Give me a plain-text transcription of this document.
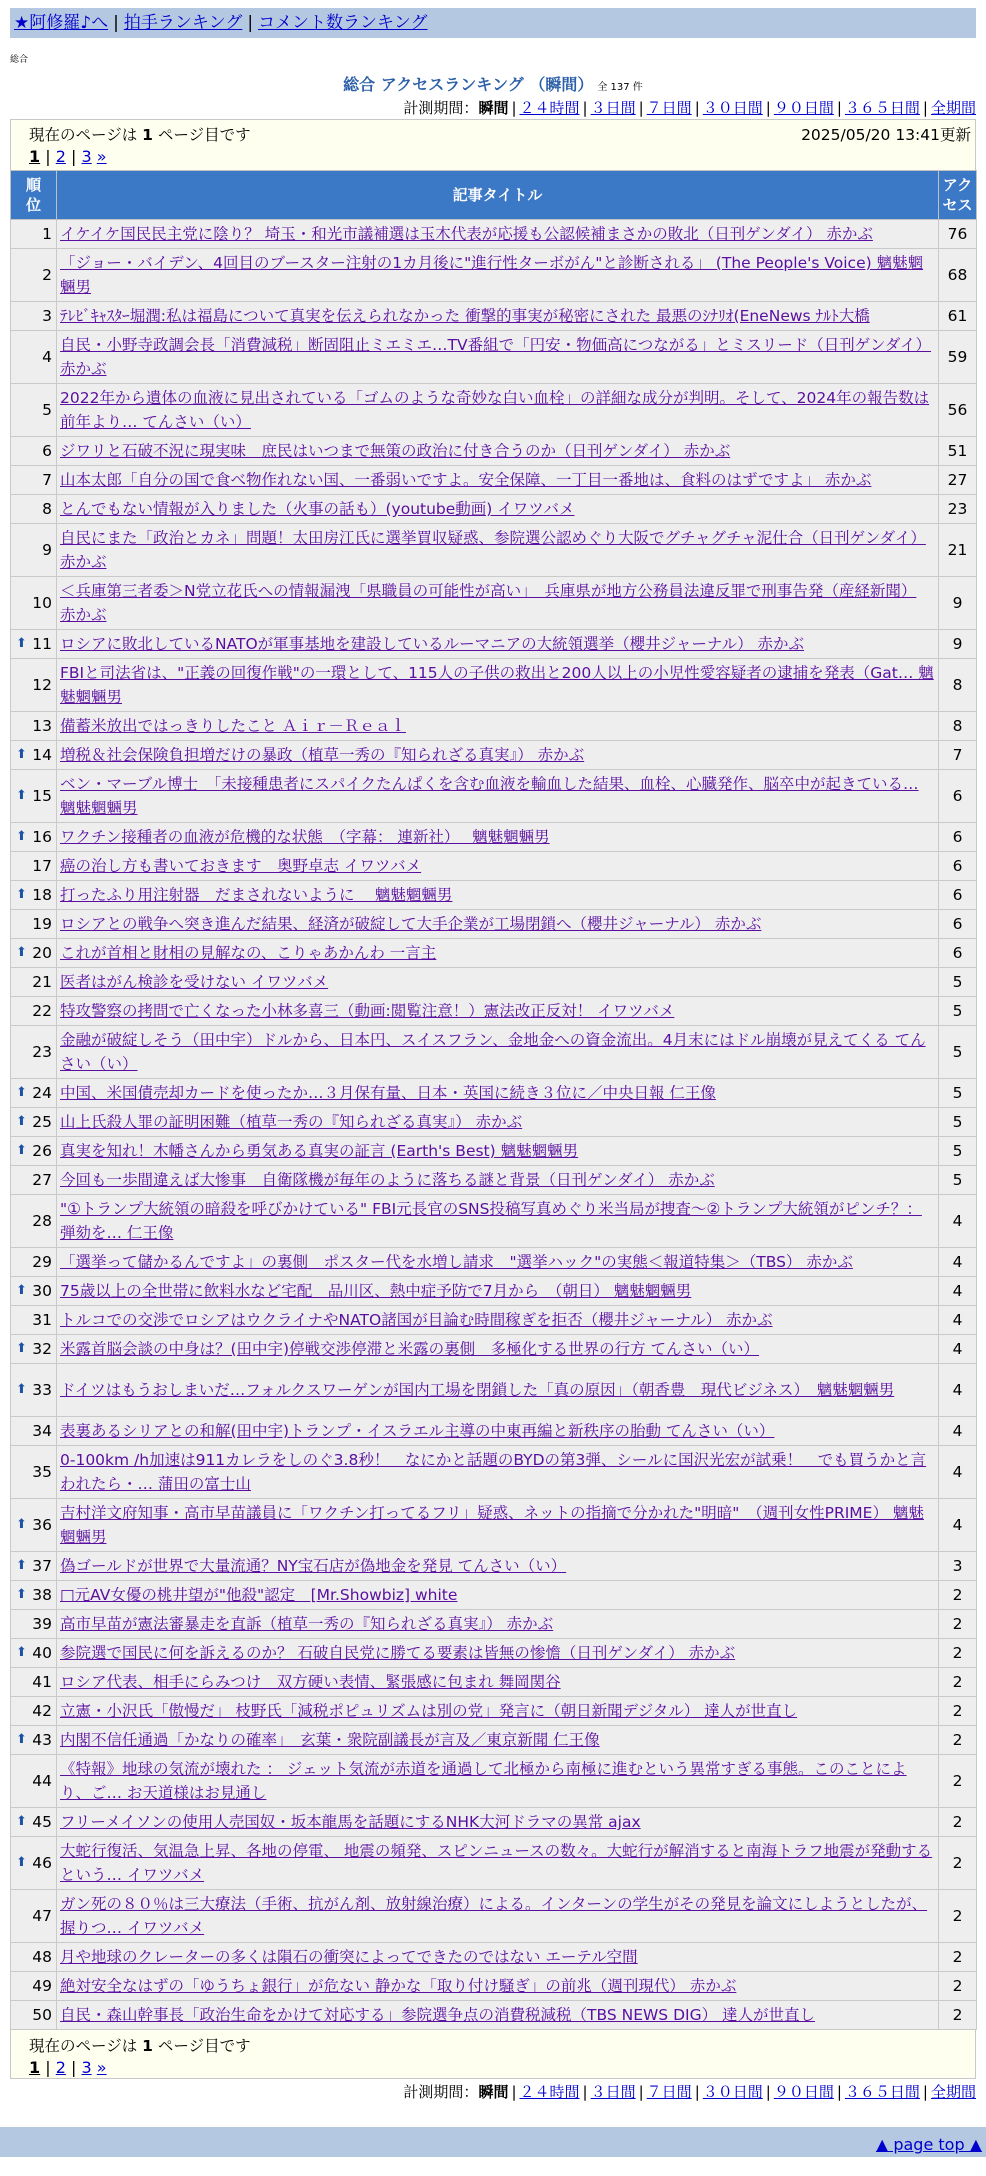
★阿修羅♪へ | 拍手ランキング | コメント数ランキング
総合
総合 アクセスランキング （瞬間） 全 137 件
計測期間：瞬間 | ２４時間 | ３日間 | ７日間 | ３０日間 | ９０日間 | ３６５日間 | 全期間
現在のページは 1 ページ目です	2025/05/20 13:41更新
1 | 2 | 3 »
順位	記事タイトル	アクセス
1	イケイケ国民民主党に陰り？ 埼玉・和光市議補選は玉木代表が応援も公認候補まさかの敗北（日刊ゲンダイ） 赤かぶ	76
2	「ジョー・バイデン、4回目のブースター注射の1カ月後に"進行性ターボがん"と診断される」 (The People's Voice) 魑魅魍魎男	68
3	ﾃﾚﾋﾞｷｬｽﾀｰ堀潤:私は福島について真実を伝えられなかった 衝撃的事実が秘密にされた 最悪のｼﾅﾘｵ(EneNews ﾅﾙﾄ大橋	61
4	自民・小野寺政調会長「消費減税」断固阻止ミエミエ…TV番組で「円安・物価高につながる」とミスリード（日刊ゲンダイ） 赤かぶ	59
5	2022年から遺体の血液に見出されている「ゴムのような奇妙な白い血栓」の詳細な成分が判明。そして、2024年の報告数は前年より… てんさい（い）	56
6	ジワリと石破不況に現実味　庶民はいつまで無策の政治に付き合うのか（日刊ゲンダイ） 赤かぶ	51
7	山本太郎「自分の国で食べ物作れない国、一番弱いですよ。安全保障、一丁目一番地は、食料のはずですよ」 赤かぶ	27
8	とんでもない情報が入りました（火事の話も）(youtube動画) イワツバメ	23
9	自民にまた「政治とカネ」問題！太田房江氏に選挙買収疑惑、参院選公認めぐり大阪でグチャグチャ泥仕合（日刊ゲンダイ） 赤かぶ	21
10	＜兵庫第三者委＞N党立花氏への情報漏洩「県職員の可能性が高い」　兵庫県が地方公務員法違反罪で刑事告発（産経新聞） 赤かぶ	9

⬆ 11	ロシアに敗北しているNATOが軍事基地を建設しているルーマニアの大統領選挙（櫻井ジャーナル） 赤かぶ	9
12	FBIと司法省は、"正義の回復作戦"の一環として、115人の子供の救出と200人以上の小児性愛容疑者の逮捕を発表（Gat… 魑魅魍魎男	8
13	備蓄米放出ではっきりしたこと Ａｉｒ－Ｒｅａｌ	8

⬆ 14	増税＆社会保険負担増だけの暴政（植草一秀の『知られざる真実』） 赤かぶ	7

⬆ 15	ベン・マーブル博士　「未接種患者にスパイクたんぱくを含む血液を輸血した結果、血栓、心臓発作、脳卒中が起きている… 魑魅魍魎男	6

⬆ 16	ワクチン接種者の血液が危機的な状態　（字幕： 連新社）　 魑魅魍魎男	6
17	癌の治し方も書いておきます　奥野卓志 イワツバメ	6

⬆ 18	打ったふり用注射器　だまされないように　 魑魅魍魎男	6
19	ロシアとの戦争へ突き進んだ結果、経済が破綻して大手企業が工場閉鎖へ（櫻井ジャーナル） 赤かぶ	6

⬆ 20	これが首相と財相の見解なの、こりゃあかんわ 一言主	6
21	医者はがん検診を受けない イワツバメ	5
22	特攻警察の拷問で亡くなった小林多喜三（動画:閲覧注意！）憲法改正反対！ イワツバメ	5
23	金融が破綻しそう（田中宇）ドルから、日本円、スイスフラン、金地金への資金流出。4月末にはドル崩壊が見えてくる てんさい（い）	5

⬆ 24	中国、米国債売却カードを使ったか…３月保有量、日本・英国に続き３位に／中央日報 仁王像	5

⬆ 25	山上氏殺人罪の証明困難（植草一秀の『知られざる真実』） 赤かぶ	5

⬆ 26	真実を知れ！木幡さんから勇気ある真実の証言 (Earth's Best) 魑魅魍魎男	5
27	今回も一歩間違えば大惨事　自衛隊機が毎年のように落ちる謎と背景（日刊ゲンダイ） 赤かぶ	5
28	"①トランプ大統領の暗殺を呼びかけている" FBI元長官のSNS投稿写真めぐり米当局が捜査～②トランプ大統領がピンチ？：弾劾を… 仁王像	4
29	「選挙って儲かるんですよ」の裏側　ポスター代を水増し請求　"選挙ハック"の実態＜報道特集＞（TBS） 赤かぶ	4

⬆ 30	75歳以上の全世帯に飲料水など宅配　品川区、熱中症予防で7月から　（朝日） 魑魅魍魎男	4
31	トルコでの交渉でロシアはウクライナやNATO諸国が目論む時間稼ぎを拒否（櫻井ジャーナル） 赤かぶ	4

⬆ 32	米露首脳会談の中身は？(田中宇)停戦交渉停滞と米露の裏側　多極化する世界の行方 てんさい（い）	4

⬆ 33	ドイツはもうおしまいだ…フォルクスワーゲンが国内工場を閉鎖した「真の原因」（朝香豊　現代ビジネス）　魑魅魍魎男	4
34	表裏あるシリアとの和解(田中宇)トランプ・イスラエル主導の中東再編と新秩序の胎動 てんさい（い）	4
35	0-100km /h加速は911カレラをしのぐ3.8秒！　なにかと話題のBYDの第3弾、シールに国沢光宏が試乗！　でも買うかと言われたら・… 蒲田の富士山	4

⬆ 36	吉村洋文府知事・高市早苗議員に「ワクチン打ってるフリ」疑惑、ネットの指摘で分かれた"明暗"　（週刊女性PRIME） 魑魅魍魎男	4

⬆ 37	偽ゴールドが世界で大量流通？NY宝石店が偽地金を発見 てんさい（い）	3

⬆ 38	□元AV女優の桃井望が"他殺"認定　[Mr.Showbiz] white	2
39	高市早苗が憲法審暴走を直訴（植草一秀の『知られざる真実』） 赤かぶ	2

⬆ 40	参院選で国民に何を訴えるのか？ 石破自民党に勝てる要素は皆無の惨憺（日刊ゲンダイ） 赤かぶ	2
41	ロシア代表、相手にらみつけ　双方硬い表情、緊張感に包まれ 舞岡関谷	2
42	立憲・小沢氏「傲慢だ」 枝野氏「減税ポピュリズムは別の党」発言に（朝日新聞デジタル） 達人が世直し	2

⬆ 43	内閣不信任通過「かなりの確率」　玄葉・衆院副議長が言及／東京新聞 仁王像	2
44	《特報》地球の気流が壊れた ： ジェット気流が赤道を通過して北極から南極に進むという異常すぎる事態。このことにより、ご… お天道様はお見通し	2

⬆ 45	フリーメイソンの使用人売国奴・坂本龍馬を話題にするNHK大河ドラマの異常 ajax	2

⬆ 46	大蛇行復活、気温急上昇、各地の停電、 地震の頻発、スピンニュースの数々。大蛇行が解消すると南海トラフ地震が発動するという… イワツバメ	2
47	ガン死の８０％は三大療法（手術、抗がん剤、放射線治療）による。インターンの学生がその発見を論文にしようとしたが、握りつ… イワツバメ	2
48	月や地球のクレーターの多くは隕石の衝突によってできたのではない エーテル空間	2
49	絶対安全なはずの「ゆうちょ銀行」が危ない 静かな「取り付け騒ぎ」の前兆（週刊現代） 赤かぶ	2
50	自民・森山幹事長「政治生命をかけて対応する」参院選争点の消費税減税（TBS NEWS DIG） 達人が世直し	2
現在のページは 1 ページ目です
1 | 2 | 3 »
計測期間：瞬間 | ２４時間 | ３日間 | ７日間 | ３０日間 | ９０日間 | ３６５日間 | 全期間
▲ page top ▲
